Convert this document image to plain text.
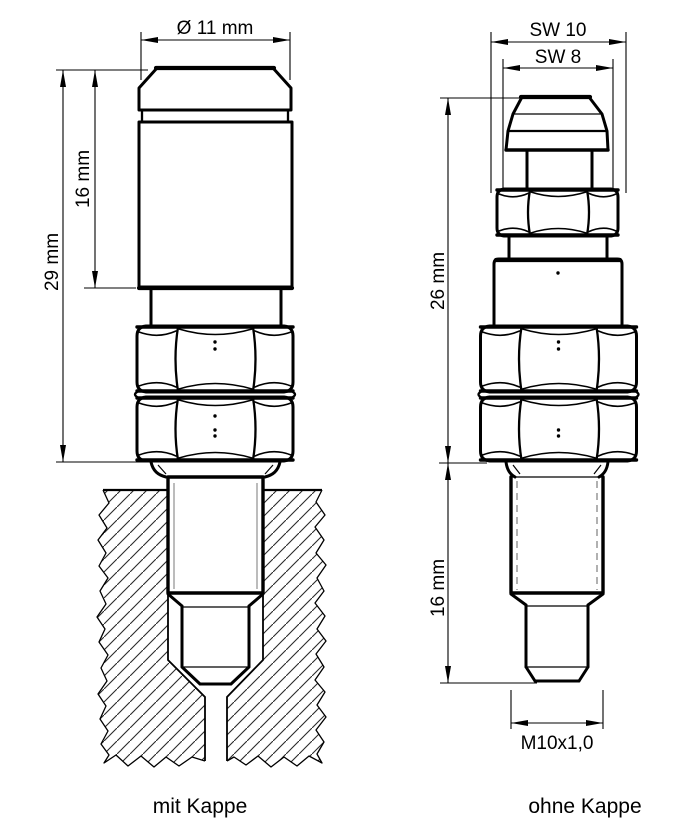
Ø 11 mm
29 mm
16 mm
mit Kappe
SW 10
SW 8
26 mm
16 mm
M10x1,0
ohne Kappe
